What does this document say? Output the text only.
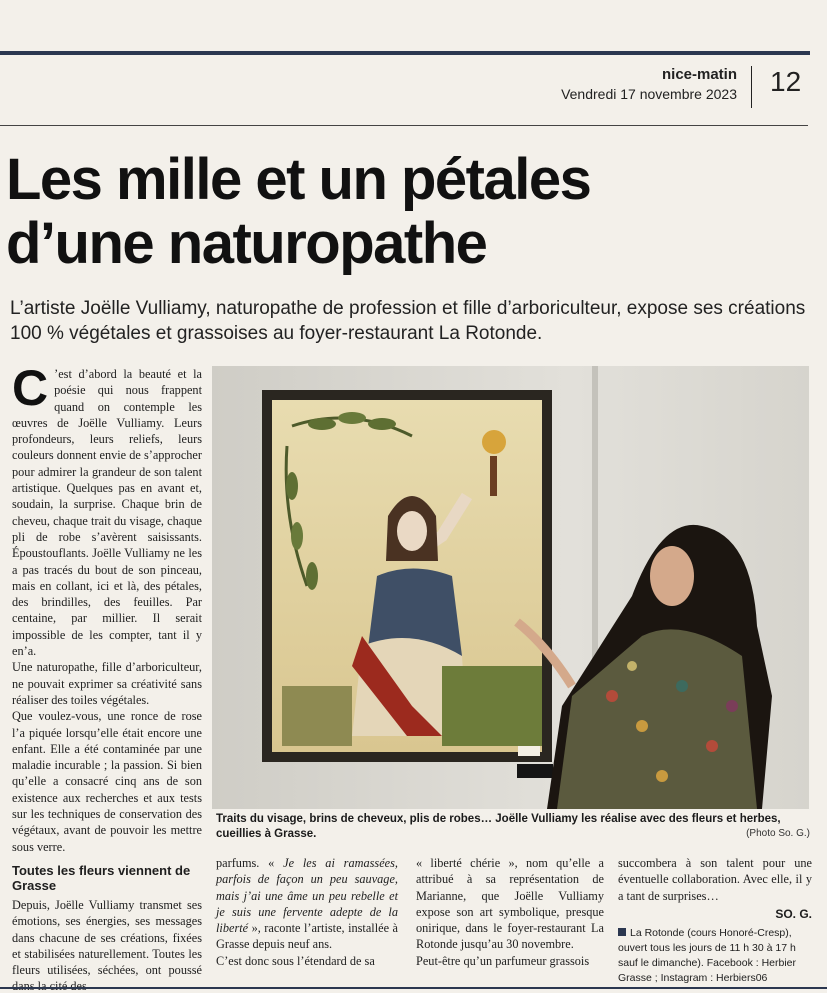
nice-matin
Vendredi 17 novembre 2023 12
Les mille et un pétales
d’une naturopathe
L’artiste Joëlle Vulliamy, naturopathe de profession et fille d’arboriculteur, expose ses créations 100 % végétales et grassoises au foyer-restaurant La Rotonde.

C ’est d’abord la beauté et la poésie qui nous frappent quand on contemple les œuvres de Joëlle Vulliamy. Leurs profondeurs, leurs reliefs, leurs couleurs donnent envie de s’approcher pour admirer la grandeur de son talent artistique. Quelques pas en avant et, soudain, la surprise. Chaque brin de cheveu, chaque trait du visage, chaque pli de robe s’avèrent saisissants. Époustouflants. Joëlle Vulliamy ne les a pas tracés du bout de son pinceau, mais en collant, ici et là, des pétales, des brindilles, des feuilles. Par centaine, par millier. Il serait impossible de les compter, tant il y en’a.

Une naturopathe, fille d’arboriculteur, ne pouvait exprimer sa créativité sans réaliser des toiles végétales.

Que voulez-vous, une ronce de rose l’a piquée lorsqu’elle était encore une enfant. Elle a été contaminée par une maladie incurable ; la passion. Si bien qu’elle a consacré cinq ans de son existence aux recherches et aux tests sur les techniques de conservation des végétaux, avant de pouvoir les mettre sous verre.

Toutes les fleurs viennent de Grasse

Depuis, Joëlle Vulliamy transmet ses émotions, ses énergies, ses messages dans chacune de ses créations, fixées et stabilisées naturellement. Toutes les fleurs utilisées, séchées, ont poussé

Traits du visage, brins de cheveux, plis de robes… Joëlle Vulliamy les réalise avec des fleurs et herbes, cueillies à Grasse.	(Photo So. G.)

parfums. « Je les ai ramassées, parfois de façon un peu sauvage, mais j’ai une âme un peu rebelle et je suis une fervente adepte de la liberté », raconte l’artiste, installée à Grasse depuis neuf ans.

C’est donc sous l’étendard de sa

« liberté chérie », nom qu’elle a attribué à sa représentation de Marianne, que Joëlle Vulliamy expose son art symbolique, presque onirique, dans le foyer-restaurant La Rotonde jusqu’au 30 novembre.

Peut-être qu’un parfumeur grassois

succombera à son talent pour une éventuelle collaboration. Avec elle, il y a tant de surprises…

SO. G.
La Rotonde (cours Honoré-Cresp), ouvert tous les jours de 11 h 30 à 17 h sauf le dimanche). Facebook : Herbier Grasse ; Instagram : Herbiers06
